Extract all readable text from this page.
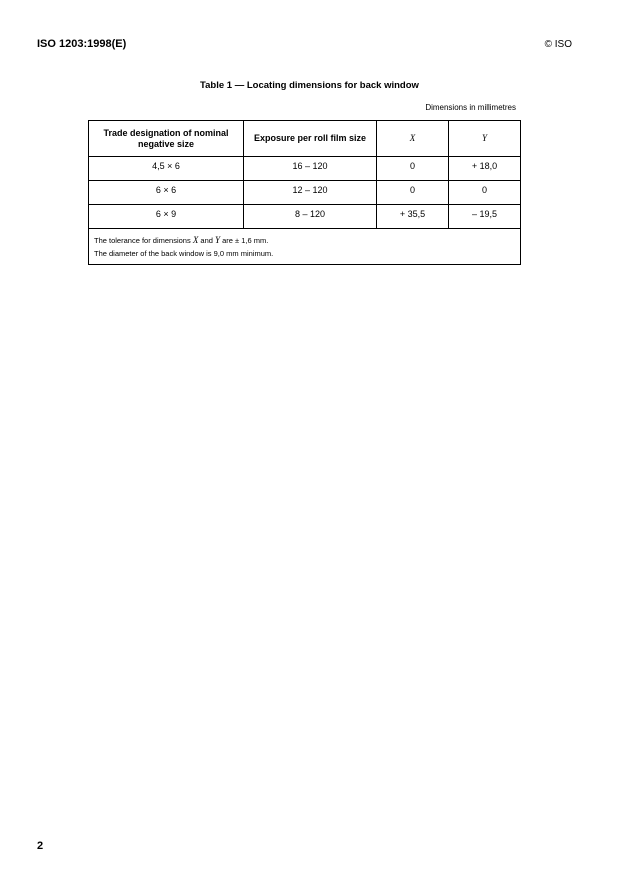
ISO 1203:1998(E)	© ISO
Table 1 — Locating dimensions for back window
Dimensions in millimetres
Trade designation of nominal negative size	Exposure per roll film size	X	Y
4,5 × 6	16 – 120	0	+ 18,0
6 × 6	12 – 120	0	0
6 × 9	8 – 120	+ 35,5	– 19,5

The tolerance for dimensions X and Y are ± 1,6 mm.
The diameter of the back window is 9,0 mm minimum.			
2
